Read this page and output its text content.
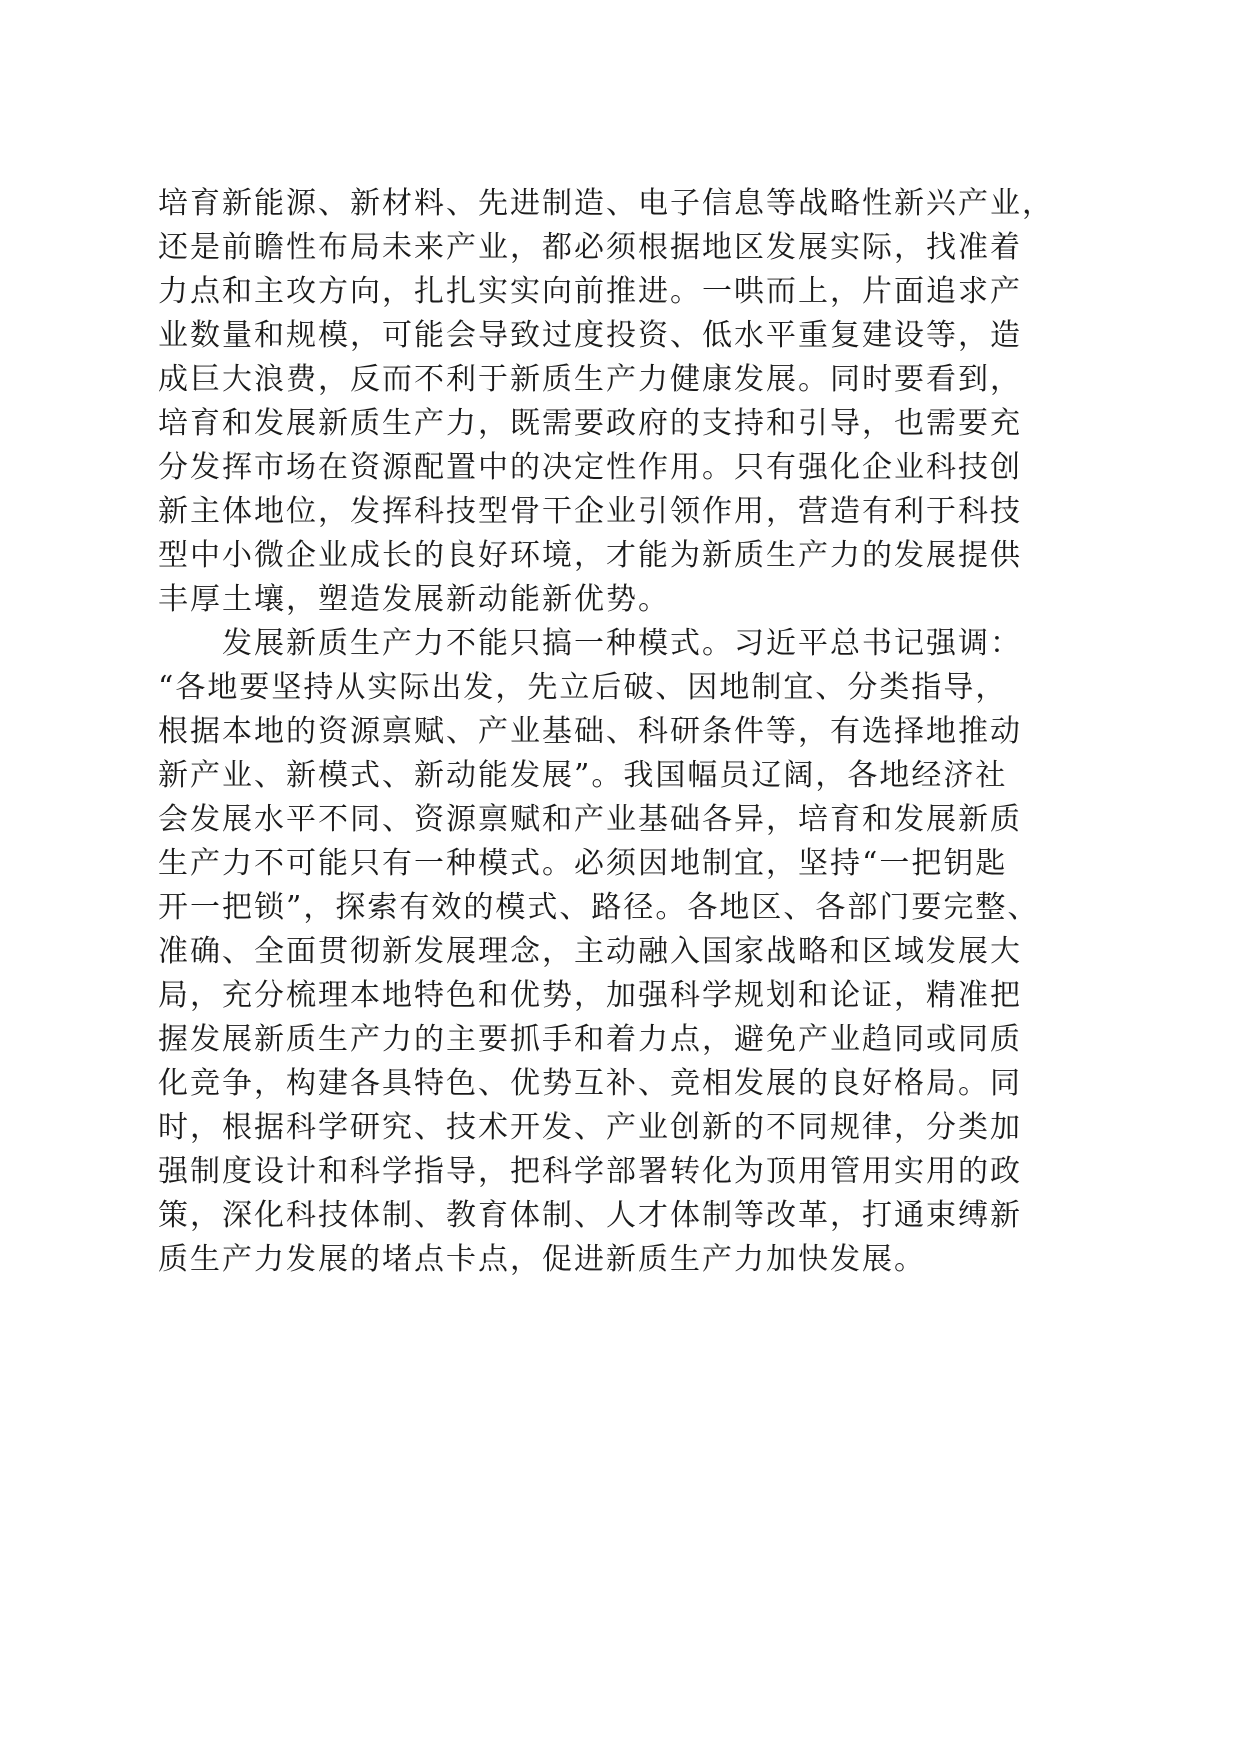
培育新能源、新材料、先进制造、电子信息等战略性新兴产业，
还是前瞻性布局未来产业，都必须根据地区发展实际，找准着
力点和主攻方向，扎扎实实向前推进。一哄而上，片面追求产
业数量和规模，可能会导致过度投资、低水平重复建设等，造
成巨大浪费，反而不利于新质生产力健康发展。同时要看到，
培育和发展新质生产力，既需要政府的支持和引导，也需要充
分发挥市场在资源配置中的决定性作用。只有强化企业科技创
新主体地位，发挥科技型骨干企业引领作用，营造有利于科技
型中小微企业成长的良好环境，才能为新质生产力的发展提供
丰厚土壤，塑造发展新动能新优势。
　　发展新质生产力不能只搞一种模式。习近平总书记强调：
“各地要坚持从实际出发，先立后破、因地制宜、分类指导，
根据本地的资源禀赋、产业基础、科研条件等，有选择地推动
新产业、新模式、新动能发展”。我国幅员辽阔，各地经济社
会发展水平不同、资源禀赋和产业基础各异，培育和发展新质
生产力不可能只有一种模式。必须因地制宜，坚持“一把钥匙
开一把锁”，探索有效的模式、路径。各地区、各部门要完整、
准确、全面贯彻新发展理念，主动融入国家战略和区域发展大
局，充分梳理本地特色和优势，加强科学规划和论证，精准把
握发展新质生产力的主要抓手和着力点，避免产业趋同或同质
化竞争，构建各具特色、优势互补、竞相发展的良好格局。同
时，根据科学研究、技术开发、产业创新的不同规律，分类加
强制度设计和科学指导，把科学部署转化为顶用管用实用的政
策，深化科技体制、教育体制、人才体制等改革，打通束缚新
质生产力发展的堵点卡点，促进新质生产力加快发展。
